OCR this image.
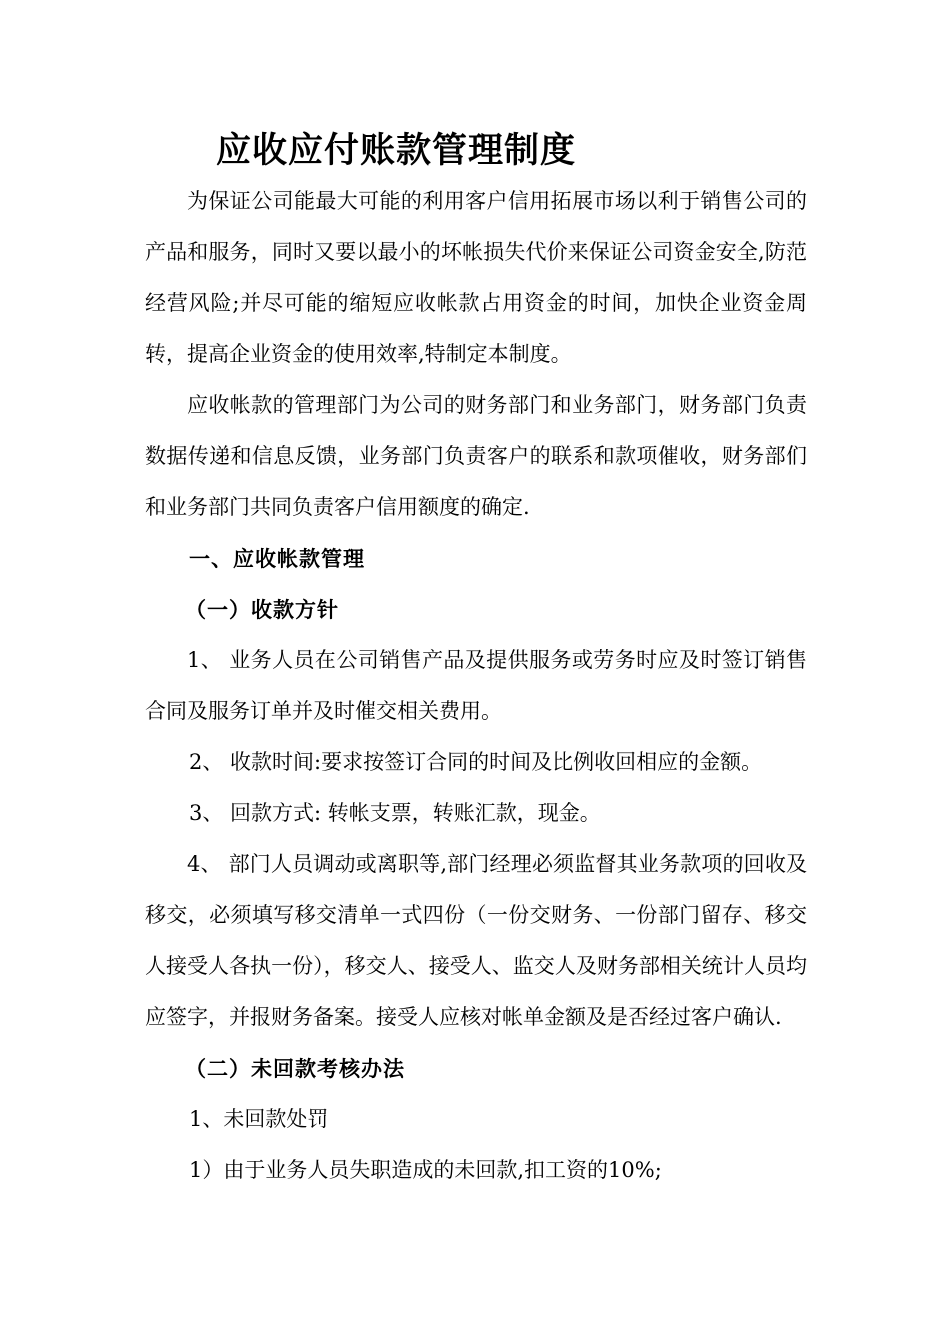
应收应付账款管理制度

为保证公司能最大可能的利用客户信用拓展市场以利于销售公司的产品和服务，同时又要以最小的坏帐损失代价来保证公司资金安全,防范经营风险;并尽可能的缩短应收帐款占用资金的时间，加快企业资金周转，提高企业资金的使用效率,特制定本制度。

应收帐款的管理部门为公司的财务部门和业务部门，财务部门负责数据传递和信息反馈，业务部门负责客户的联系和款项催收，财务部们和业务部门共同负责客户信用额度的确定.

一、应收帐款管理

（一）收款方针

1、 业务人员在公司销售产品及提供服务或劳务时应及时签订销售合同及服务订单并及时催交相关费用。

2、 收款时间:要求按签订合同的时间及比例收回相应的金额。

3、 回款方式: 转帐支票，转账汇款，现金。

4、 部门人员调动或离职等,部门经理必须监督其业务款项的回收及移交，必须填写移交清单一式四份（一份交财务、一份部门留存、移交人接受人各执一份），移交人、接受人、监交人及财务部相关统计人员均应签字，并报财务备案。接受人应核对帐单金额及是否经过客户确认.

（二）未回款考核办法

1、未回款处罚

1）由于业务人员失职造成的未回款,扣工资的10%;
